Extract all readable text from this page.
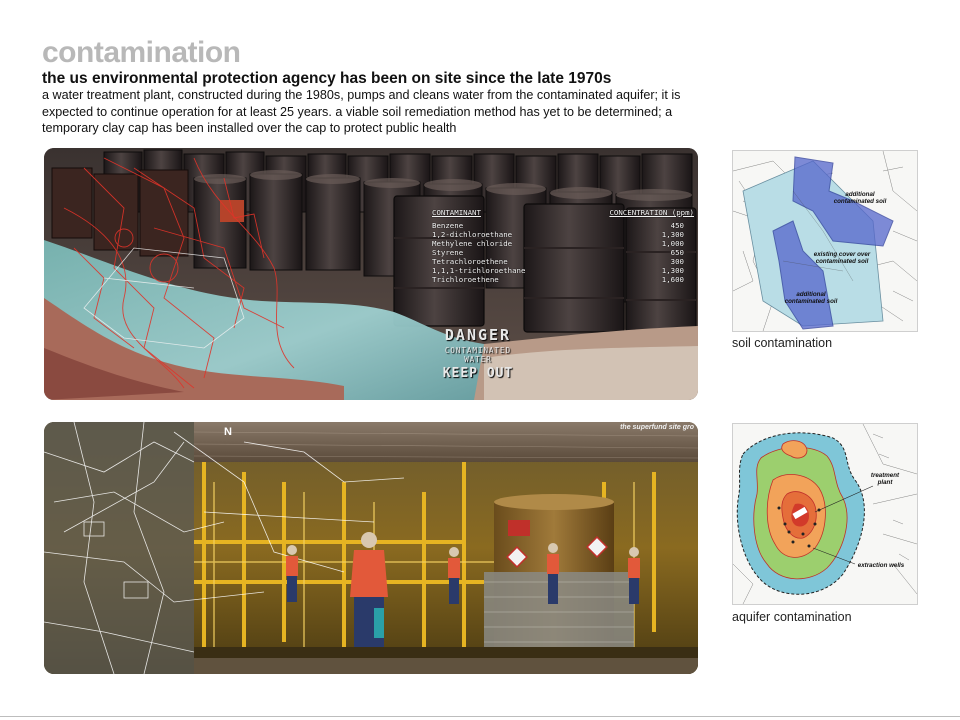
contamination
the us environmental protection agency has been on site since the late 1970s
a water treatment plant, constructed during the 1980s, pumps and cleans water from the contaminated aquifer; it is expected to continue operation for at least 25 years. a viable soil remediation method has yet to be determined; a temporary clay cap has been installed over the cap to protect public health
CONTAMINANT	CONCENTRATION (ppm)
Benzene	450
1,2-dichloroethane	1,300
Methylene chloride	1,000
Styrene	650
Tetrachloroethene	300
1,1,1-trichloroethane	1,300
Trichloroethene	1,600
DANGER
CONTAMINATED
WATER
KEEP OUT
N	the superfund site gro
additional contaminated soil
existing cover over contaminated soil
additional contaminated soil
soil contamination
treatment plant
extraction wells
aquifer contamination
